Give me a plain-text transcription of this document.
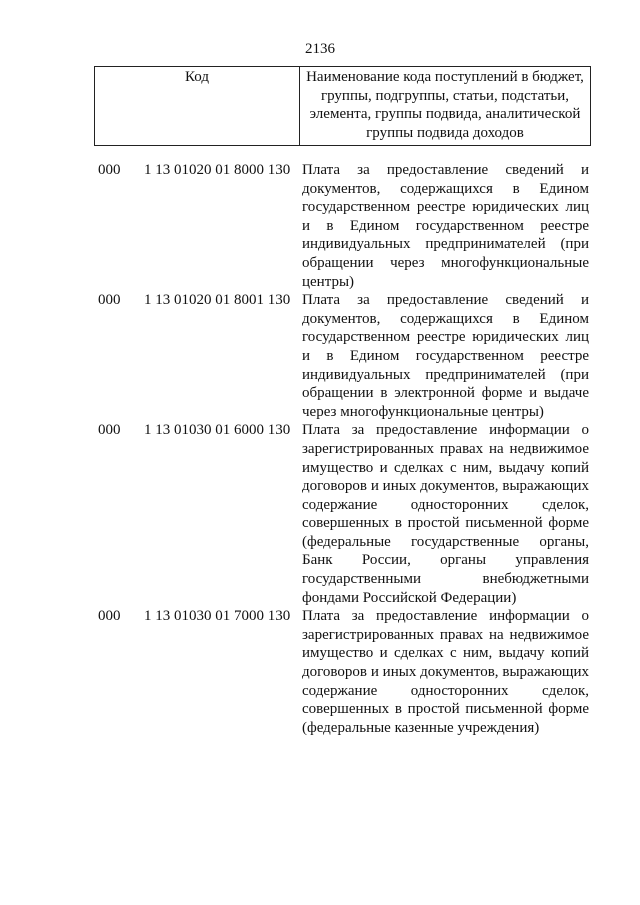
2136
Код	Наименование кода поступлений в бюджет, группы, подгруппы, статьи, подстатьи, элемента, группы подвида, аналитической группы подвида доходов
000	1 13 01020 01 8000 130 Плата за предоставление сведений и документов, содержащихся в Едином государственном реестре юридических лиц и в Едином государственном реестре индивидуальных предпринимателей (при обращении через многофункциональные центры)
000	1 13 01020 01 8001 130 Плата за предоставление сведений и документов, содержащихся в Едином государственном реестре юридических лиц и в Едином государственном реестре индивидуальных предпринимателей (при обращении в электронной форме и выдаче через многофункциональные центры)
000	1 13 01030 01 6000 130 Плата за предоставление информации о зарегистрированных правах на недвижимое имущество и сделках с ним, выдачу копий договоров и иных документов, выражающих содержание односторонних сделок, совершенных в простой письменной форме (федеральные государственные органы, Банк России, органы управления государственными внебюджетными фондами Российской Федерации)
000	1 13 01030 01 7000 130 Плата за предоставление информации о зарегистрированных правах на недвижимое имущество и сделках с ним, выдачу копий договоров и иных документов, выражающих содержание односторонних сделок, совершенных в простой письменной форме (федеральные казенные учреждения)
